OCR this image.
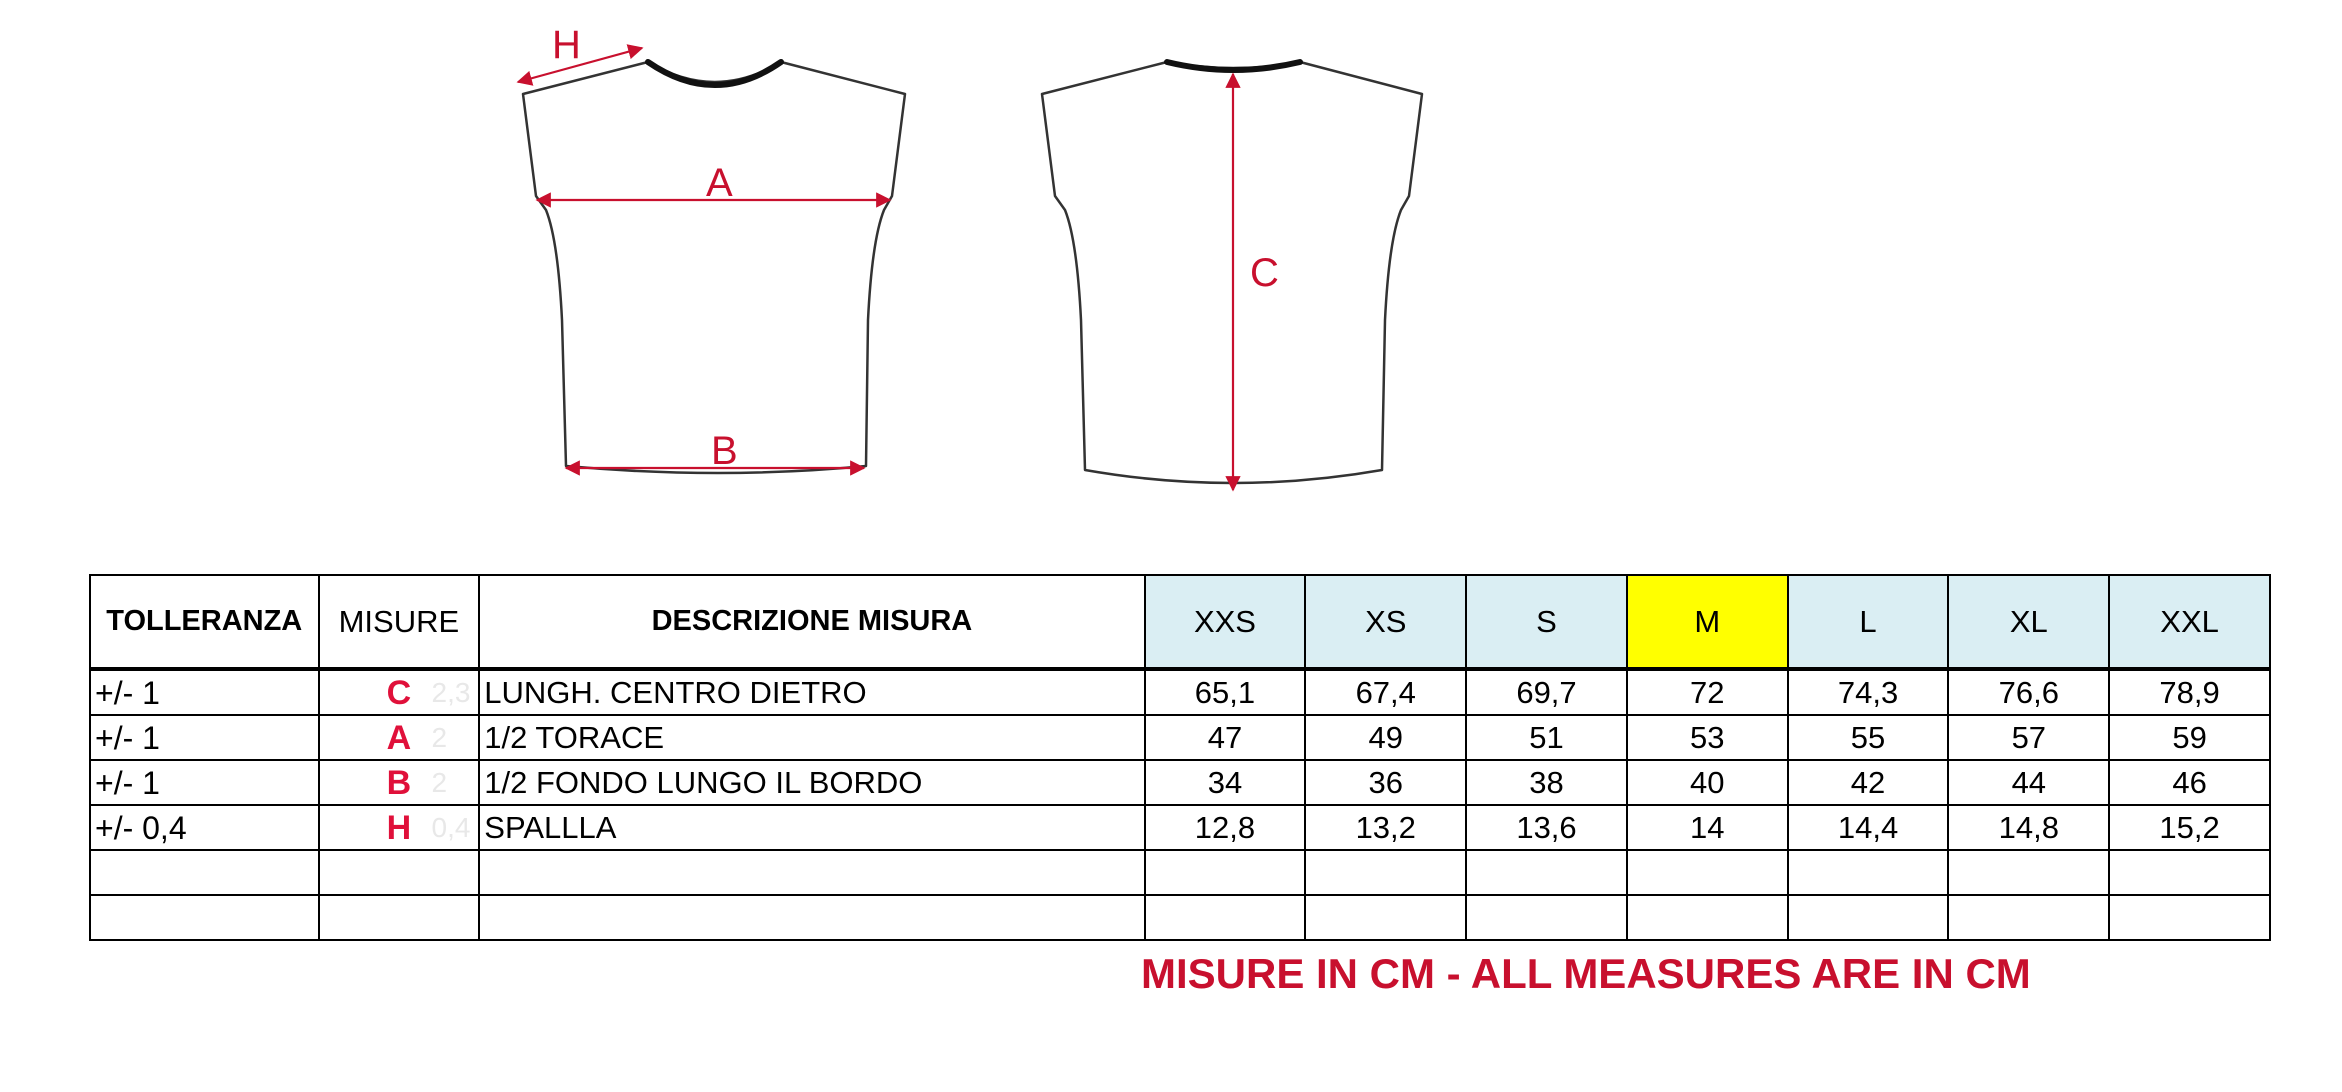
H
A
B
C
TOLLERANZA	MISURE	DESCRIZIONE MISURA	XXS	XS	S	M	L	XL	XXL
+/- 1	C 2,3	LUNGH. CENTRO DIETRO	65,1	67,4	69,7	72	74,3	76,6	78,9
+/- 1	A 2	1/2 TORACE	47	49	51	53	55	57	59
+/- 1	B 2	1/2 FONDO LUNGO IL BORDO	34	36	38	40	42	44	46
+/- 0,4	H 0,4	SPALLLA	12,8	13,2	13,6	14	14,4	14,8	15,2

MISURE IN CM - ALL MEASURES ARE IN CM
